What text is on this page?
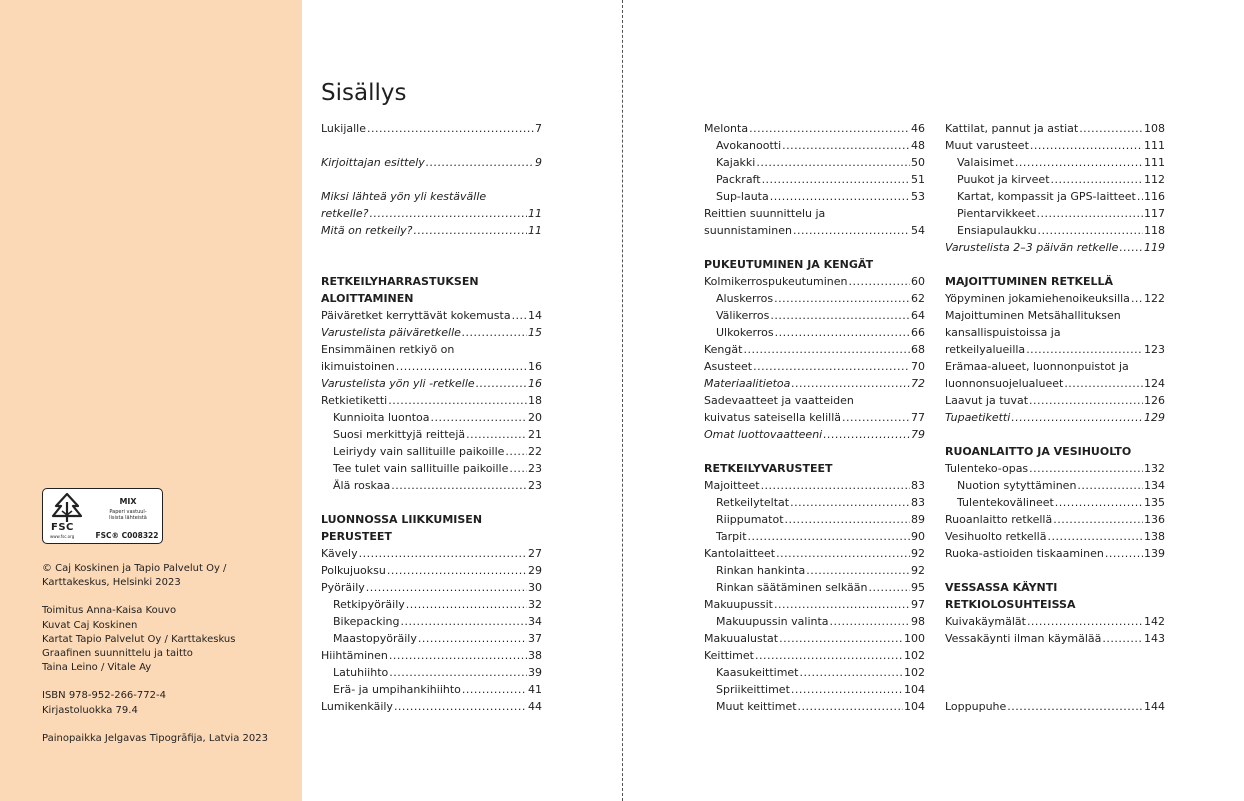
FSC
www.fsc.org
MIX
Paperi vastuul-
lisista lähteistä
FSC® C008322
© Caj Koskinen ja Tapio Palvelut Oy /
Karttakeskus, Helsinki 2023
Toimitus Anna-Kaisa Kouvo
Kuvat Caj Koskinen
Kartat Tapio Palvelut Oy / Karttakeskus
Graafinen suunnittelu ja taitto
Taina Leino / Vitale Ay
ISBN 978-952-266-772-4
Kirjastoluokka 79.4
Painopaikka Jelgavas Tipogrāfija, Latvia 2023
Sisällys
Lukijalle .....	7
Kirjoittajan esittely .....	9
Miksi lähteä yön yli kestävälle
retkelle? .....	11
Mitä on retkeily? .....	11
RETKEILYHARRASTUKSEN
ALOITTAMINEN
Päiväretket kerryttävät kokemusta ..... 14
Varustelista päiväretkelle .....	15
Ensimmäinen retkiyö on
ikimuistoinen .....	16
Varustelista yön yli -retkelle .....	16
Retkietiketti .....	18
Kunnioita luontoa .....	20
Suosi merkittyjä reittejä .....	21
Leiriydy vain sallituille paikoille ..... 22
Tee tulet vain sallituille paikoille ..... 23
Älä roskaa .....	23
LUONNOSSA LIIKKUMISEN
PERUSTEET
Kävely .....	27
Polkujuoksu .....	29
Pyöräily .....	30
Retkipyöräily .....	32
Bikepacking .....	34
Maastopyöräily .....	37
Hiihtäminen .....	38
Latuhiihto .....	39
Erä- ja umpihankihiihto .....	41
Lumikenkäily .....	44
Melonta .....	46
Avokanootti .....	48
Kajakki .....	50
Packraft .....	51
Sup-lauta .....	53
Reittien suunnittelu ja
suunnistaminen .....	54
PUKEUTUMINEN JA KENGÄT
Kolmikerrospukeutuminen .....	60
Aluskerros .....	62
Välikerros .....	64
Ulkokerros .....	66
Kengät .....	68
Asusteet .....	70
Materiaalitietoa .....	72
Sadevaatteet ja vaatteiden
kuivatus sateisella kelillä .....	77
Omat luottovaatteeni .....	79
RETKEILYVARUSTEET
Majoitteet .....	83
Retkeilyteltat .....	83
Riippumatot .....	89
Tarpit .....	90
Kantolaitteet .....	92
Rinkan hankinta .....	92
Rinkan säätäminen selkään .....	95
Makuupussit .....	97
Makuupussin valinta .....	98
Makuualustat .....	100
Keittimet .....	102
Kaasukeittimet .....	102
Spriikeittimet .....	104
Muut keittimet .....	104
Kattilat, pannut ja astiat .....	108
Muut varusteet .....	111
Valaisimet .....	111
Puukot ja kirveet .....	112
Kartat, kompassit ja GPS-laitteet ..... 116
Pientarvikkeet .....	117
Ensiapulaukku .....	118
Varustelista 2–3 päivän retkelle ..... 119
MAJOITTUMINEN RETKELLÄ
Yöpyminen jokamiehenoikeuksilla ..... 122
Majoittuminen Metsähallituksen
kansallispuistoissa ja
retkeilyalueilla .....	123
Erämaa-alueet, luonnonpuistot ja
luonnonsuojelualueet .....	124
Laavut ja tuvat .....	126
Tupaetiketti .....	129
RUOANLAITTO JA VESIHUOLTO
Tulenteko-opas .....	132
Nuotion sytyttäminen .....	134
Tulentekovälineet .....	135
Ruoanlaitto retkellä .....	136
Vesihuolto retkellä .....	138
Ruoka-astioiden tiskaaminen .....	139
VESSASSA KÄYNTI
RETKIOLOSUHTEISSA
Kuivakäymälät .....	142
Vessakäynti ilman käymälää .....	143
Loppupuhe .....	144
